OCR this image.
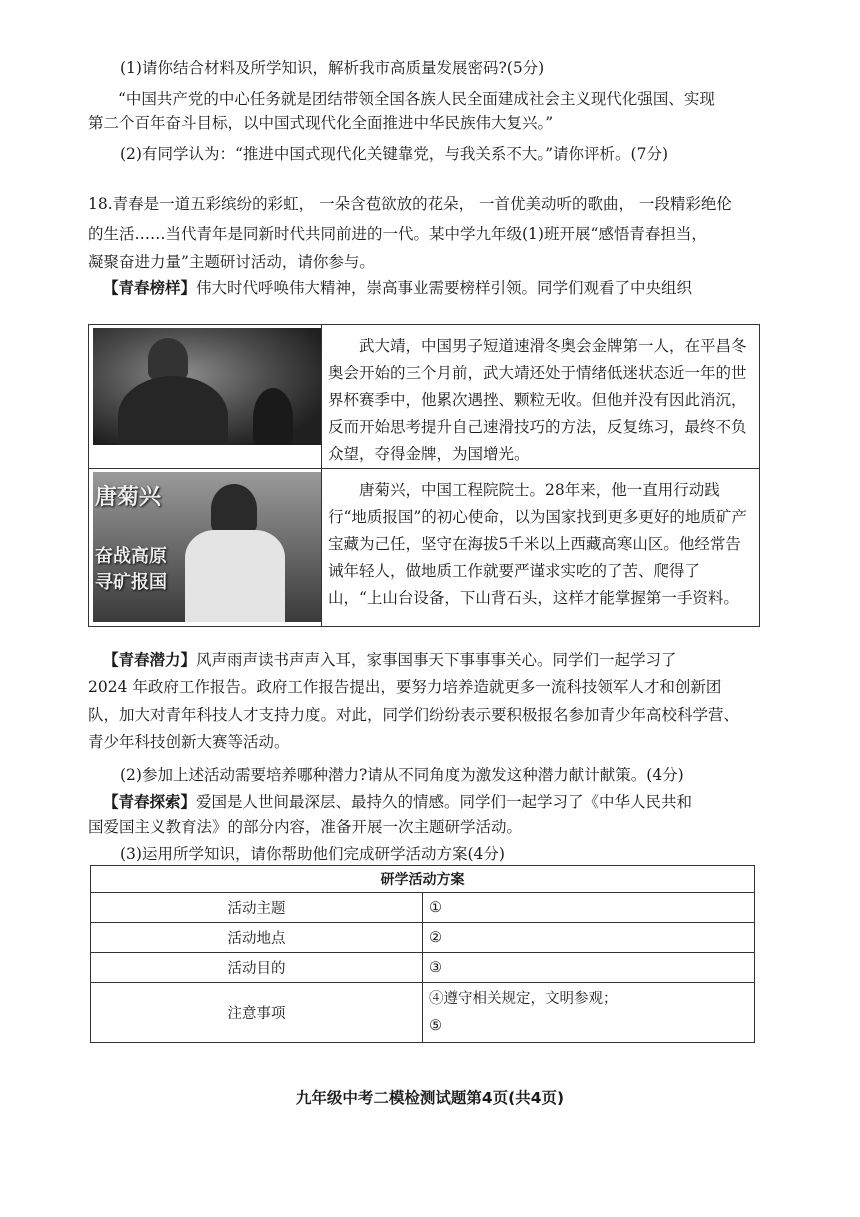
(1)请你结合材料及所学知识，解析我市高质量发展密码?(5分)
“中国共产党的中心任务就是团结带领全国各族人民全面建成社会主义现代化强国、实现
第二个百年奋斗目标，以中国式现代化全面推进中华民族伟大复兴。”
(2)有同学认为：“推进中国式现代化关键靠党，与我关系不大。”请你评析。(7分)
18.青春是一道五彩缤纷的彩虹， 一朵含苞欲放的花朵， 一首优美动听的歌曲， 一段精彩绝伦
的生活……当代青年是同新时代共同前进的一代。某中学九年级(1)班开展“感悟青春担当，
凝聚奋进力量”主题研讨活动，请你参与。
【青春榜样】伟大时代呼唤伟大精神，崇高事业需要榜样引领。同学们观看了中央组织

	武大靖，中国男子短道速滑冬奥会金牌第一人，在平昌冬奥会开始的三个月前，武大靖还处于情绪低迷状态近一年的世界杯赛季中，他累次遇挫、颗粒无收。但他并没有因此消沉，反而开始思考提升自己速滑技巧的方法，反复练习，最终不负众望，夺得金牌，为国增光。

唐菊兴
奋战高原
寻矿报国	唐菊兴，中国工程院院士。28年来，他一直用行动践行“地质报国”的初心使命，以为国家找到更多更好的地质矿产宝藏为己任，坚守在海拔5千米以上西藏高寒山区。他经常告诫年轻人，做地质工作就要严谨求实吃的了苦、爬得了山，“上山台设备，下山背石头，这样才能掌握第一手资料。

【青春潜力】风声雨声读书声声入耳，家事国事天下事事事关心。同学们一起学习了
2024 年政府工作报告。政府工作报告提出，要努力培养造就更多一流科技领军人才和创新团
队，加大对青年科技人才支持力度。对此，同学们纷纷表示要积极报名参加青少年高校科学营、
青少年科技创新大赛等活动。
(2)参加上述活动需要培养哪种潜力?请从不同角度为激发这种潜力献计献策。(4分)
【青春探索】爱国是人世间最深层、最持久的情感。同学们一起学习了《中华人民共和
国爱国主义教育法》的部分内容，准备开展一次主题研学活动。
(3)运用所学知识，请你帮助他们完成研学活动方案(4分)
研学活动方案	
活动主题	①
活动地点	②
活动目的	③
注意事项	④遵守相关规定，文明参观；
⑤
九年级中考二模检测试题第4页(共4页)
